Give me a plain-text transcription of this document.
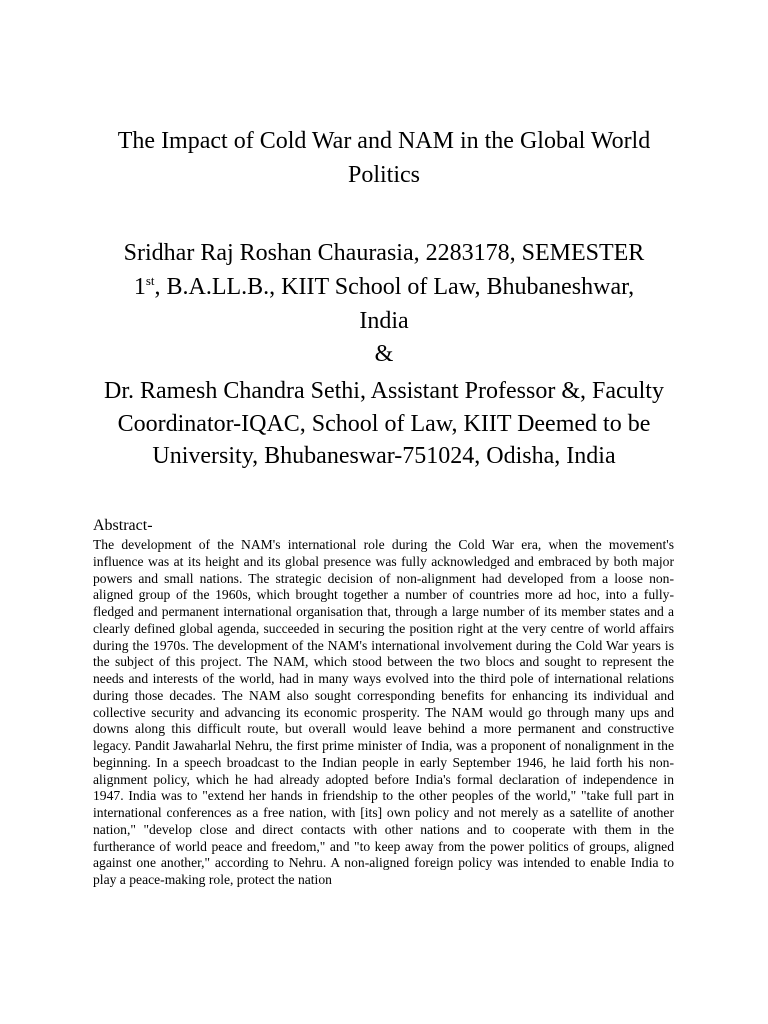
The Impact of Cold War and NAM in the Global World Politics
Sridhar Raj Roshan Chaurasia, 2283178, SEMESTER
1st, B.A.LL.B., KIIT School of Law, Bhubaneshwar,
India
&

Dr. Ramesh Chandra Sethi, Assistant Professor &, Faculty Coordinator-IQAC, School of Law, KIIT Deemed to be University, Bhubaneswar-751024, Odisha, India

Abstract-

The development of the NAM's international role during the Cold War era, when the movement's influence was at its height and its global presence was fully acknowledged and embraced by both major powers and small nations. The strategic decision of non-alignment had developed from a loose non-aligned group of the 1960s, which brought together a number of countries more ad hoc, into a fully-fledged and permanent international organisation that, through a large number of its member states and a clearly defined global agenda, succeeded in securing the position right at the very centre of world affairs during the 1970s. The development of the NAM's international involvement during the Cold War years is the subject of this project. The NAM, which stood between the two blocs and sought to represent the needs and interests of the world, had in many ways evolved into the third pole of international relations during those decades. The NAM also sought corresponding benefits for enhancing its individual and collective security and advancing its economic prosperity. The NAM would go through many ups and downs along this difficult route, but overall would leave behind a more permanent and constructive legacy. Pandit Jawaharlal Nehru, the first prime minister of India, was a proponent of nonalignment in the beginning. In a speech broadcast to the Indian people in early September 1946, he laid forth his non-alignment policy, which he had already adopted before India's formal declaration of independence in 1947. India was to "extend her hands in friendship to the other peoples of the world," "take full part in international conferences as a free nation, with [its] own policy and not merely as a satellite of another nation," "develop close and direct contacts with other nations and to cooperate with them in the furtherance of world peace and freedom," and "to keep away from the power politics of groups, aligned against one another," according to Nehru. A non-aligned foreign policy was intended to enable India to play a peace-making role, protect the nation
